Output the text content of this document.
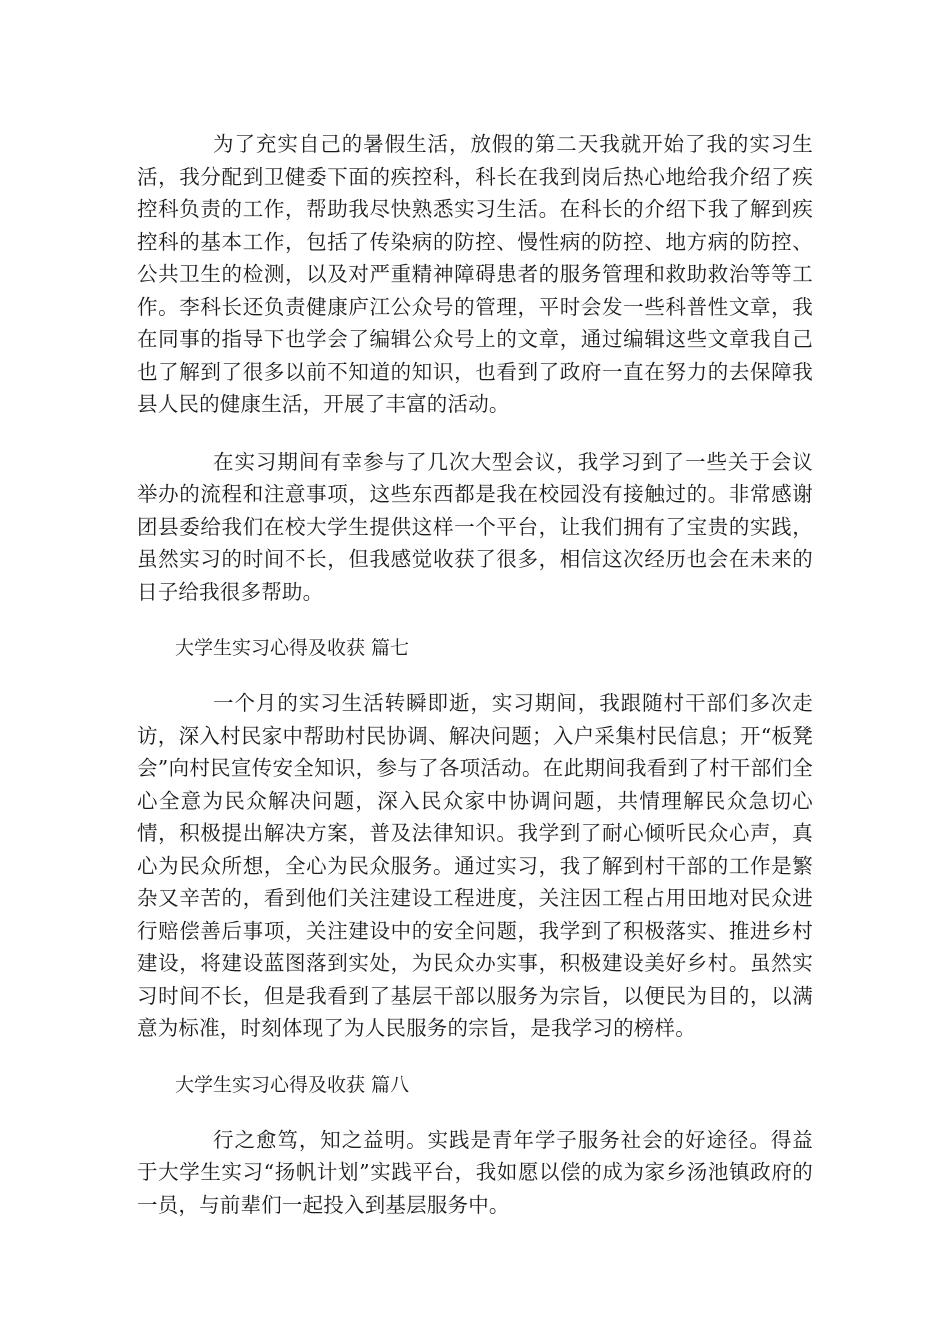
为了充实自己的暑假生活，放假的第二天我就开始了我的实习生活，我分配到卫健委下面的疾控科，科长在我到岗后热心地给我介绍了疾控科负责的工作，帮助我尽快熟悉实习生活。在科长的介绍下我了解到疾控科的基本工作，包括了传染病的防控、慢性病的防控、地方病的防控、公共卫生的检测，以及对严重精神障碍患者的服务管理和救助救治等等工作。李科长还负责健康庐江公众号的管理，平时会发一些科普性文章，我在同事的指导下也学会了编辑公众号上的文章，通过编辑这些文章我自己也了解到了很多以前不知道的知识，也看到了政府一直在努力的去保障我县人民的健康生活，开展了丰富的活动。

在实习期间有幸参与了几次大型会议，我学习到了一些关于会议举办的流程和注意事项，这些东西都是我在校园没有接触过的。非常感谢团县委给我们在校大学生提供这样一个平台，让我们拥有了宝贵的实践，虽然实习的时间不长，但我感觉收获了很多，相信这次经历也会在未来的日子给我很多帮助。

大学生实习心得及收获 篇七

一个月的实习生活转瞬即逝，实习期间，我跟随村干部们多次走访，深入村民家中帮助村民协调、解决问题；入户采集村民信息；开“板凳会”向村民宣传安全知识，参与了各项活动。在此期间我看到了村干部们全心全意为民众解决问题，深入民众家中协调问题，共情理解民众急切心情，积极提出解决方案，普及法律知识。我学到了耐心倾听民众心声，真心为民众所想，全心为民众服务。通过实习，我了解到村干部的工作是繁杂又辛苦的，看到他们关注建设工程进度，关注因工程占用田地对民众进行赔偿善后事项，关注建设中的安全问题，我学到了积极落实、推进乡村建设，将建设蓝图落到实处，为民众办实事，积极建设美好乡村。虽然实习时间不长，但是我看到了基层干部以服务为宗旨，以便民为目的，以满意为标准，时刻体现了为人民服务的宗旨，是我学习的榜样。

大学生实习心得及收获 篇八

行之愈笃，知之益明。实践是青年学子服务社会的好途径。得益于大学生实习“扬帆计划”实践平台，我如愿以偿的成为家乡汤池镇政府的一员，与前辈们一起投入到基层服务中。
